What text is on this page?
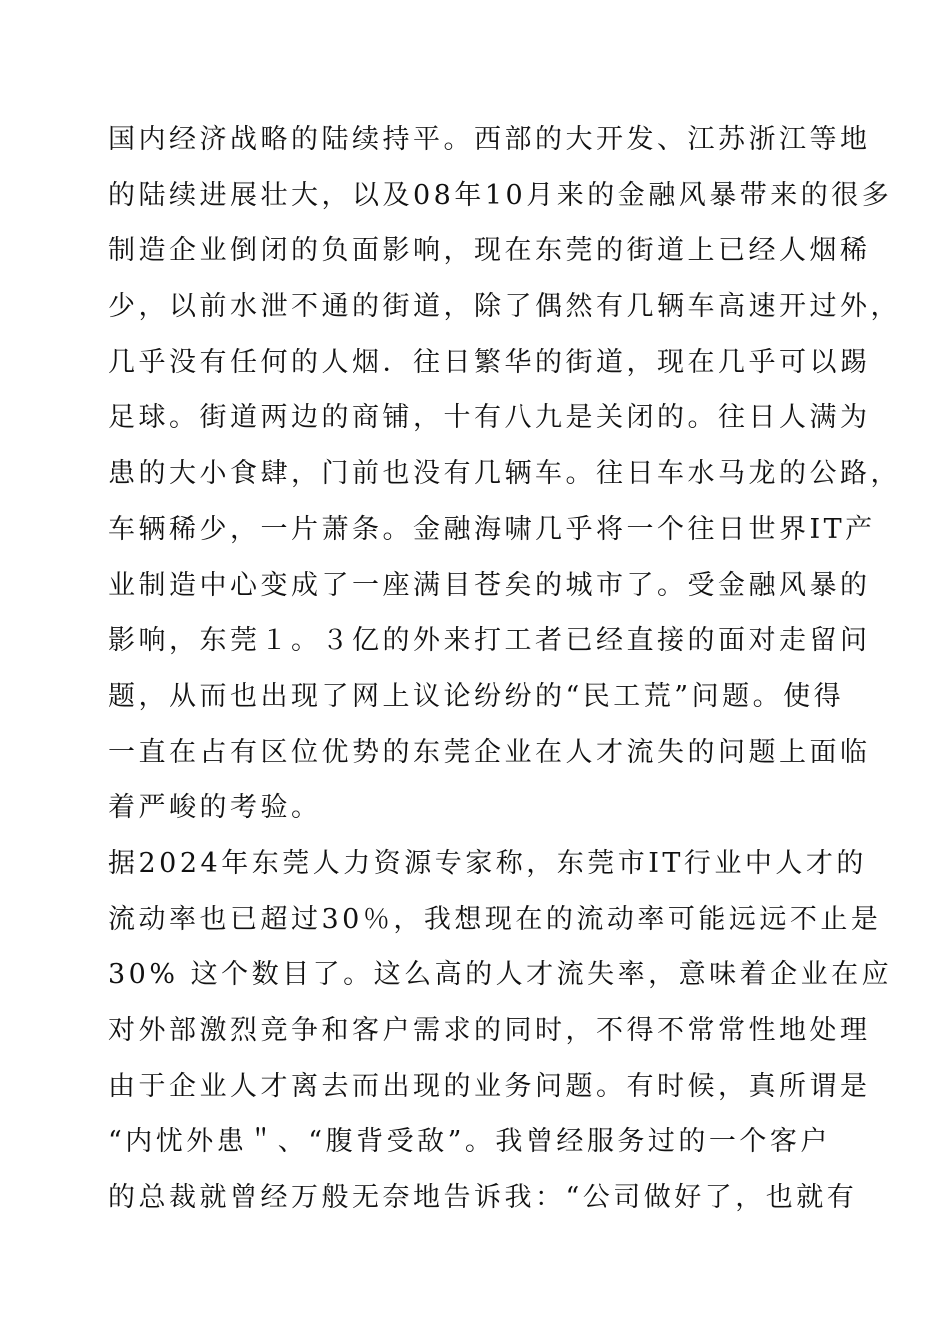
国内经济战略的陆续持平。西部的大开发、江苏浙江等地
的陆续进展壮大，以及08年10月来的金融风暴带来的很多
制造企业倒闭的负面影响，现在东莞的街道上已经人烟稀
少，以前水泄不通的街道，除了偶然有几辆车高速开过外，
几乎没有任何的人烟．往日繁华的街道，现在几乎可以踢
足球。街道两边的商铺，十有八九是关闭的。往日人满为
患的大小食肆，门前也没有几辆车。往日车水马龙的公路，
车辆稀少，一片萧条。金融海啸几乎将一个往日世界IT产
业制造中心变成了一座满目苍矣的城市了。受金融风暴的
影响，东莞１。３亿的外来打工者已经直接的面对走留问
题，从而也出现了网上议论纷纷的“民工荒”问题。使得
一直在占有区位优势的东莞企业在人才流失的问题上面临
着严峻的考验。
据2024年东莞人力资源专家称，东莞市IT行业中人才的
流动率也已超过30％，我想现在的流动率可能远远不止是
30% 这个数目了。这么高的人才流失率，意味着企业在应
对外部激烈竞争和客户需求的同时，不得不常常性地处理
由于企业人才离去而出现的业务问题。有时候，真所谓是
“内忧外患＂、“腹背受敌”。我曾经服务过的一个客户
的总裁就曾经万般无奈地告诉我：“公司做好了，也就有
